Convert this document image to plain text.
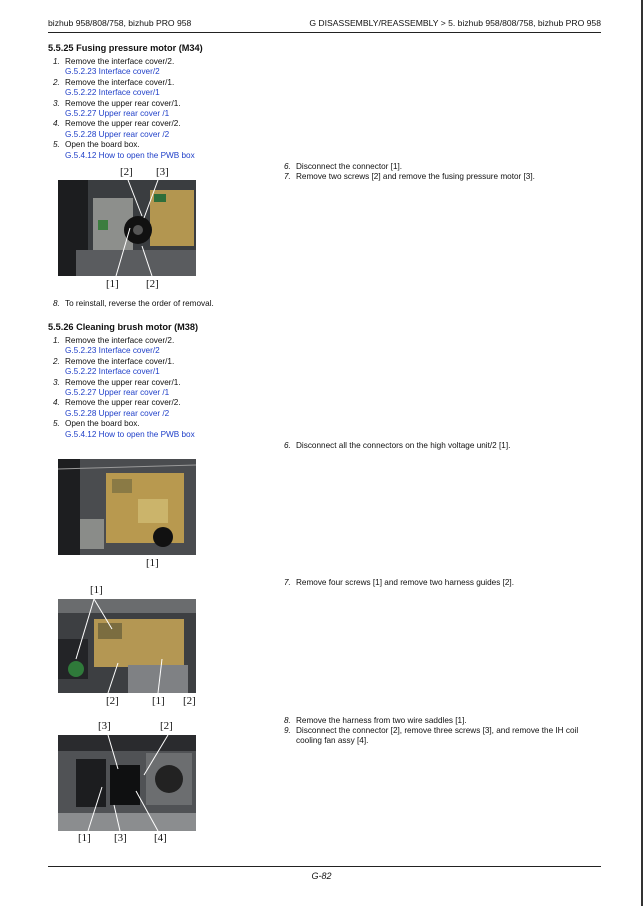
bizhub 958/808/758, bizhub PRO 958	G DISASSEMBLY/REASSEMBLY > 5. bizhub 958/808/758, bizhub PRO 958
5.5.25 Fusing pressure motor (M34)
1. Remove the interface cover/2.
G.5.2.23 Interface cover/2
2. Remove the interface cover/1.
G.5.2.22 Interface cover/1
3. Remove the upper rear cover/1.
G.5.2.27 Upper rear cover /1
4. Remove the upper rear cover/2.
G.5.2.28 Upper rear cover /2
5. Open the board box.
G.5.4.12 How to open the PWB box
6. Disconnect the connector [1].
7. Remove two screws [2] and remove the fusing pressure motor [3].
[2] [3]
[1] [2]
8. To reinstall, reverse the order of removal.
5.5.26 Cleaning brush motor (M38)
1. Remove the interface cover/2.
G.5.2.23 Interface cover/2
2. Remove the interface cover/1.
G.5.2.22 Interface cover/1
3. Remove the upper rear cover/1.
G.5.2.27 Upper rear cover /1
4. Remove the upper rear cover/2.
G.5.2.28 Upper rear cover /2
5. Open the board box.
G.5.4.12 How to open the PWB box
6. Disconnect all the connectors on the high voltage unit/2 [1].
[1]
7. Remove four screws [1] and remove two harness guides [2].
[1]
[2]	[1] [2]
8. Remove the harness from two wire saddles [1].
9. Disconnect the connector [2], remove three screws [3], and remove the IH coil cooling fan assy [4].
[3]	[2]
[1] [3] [4]
G-82
